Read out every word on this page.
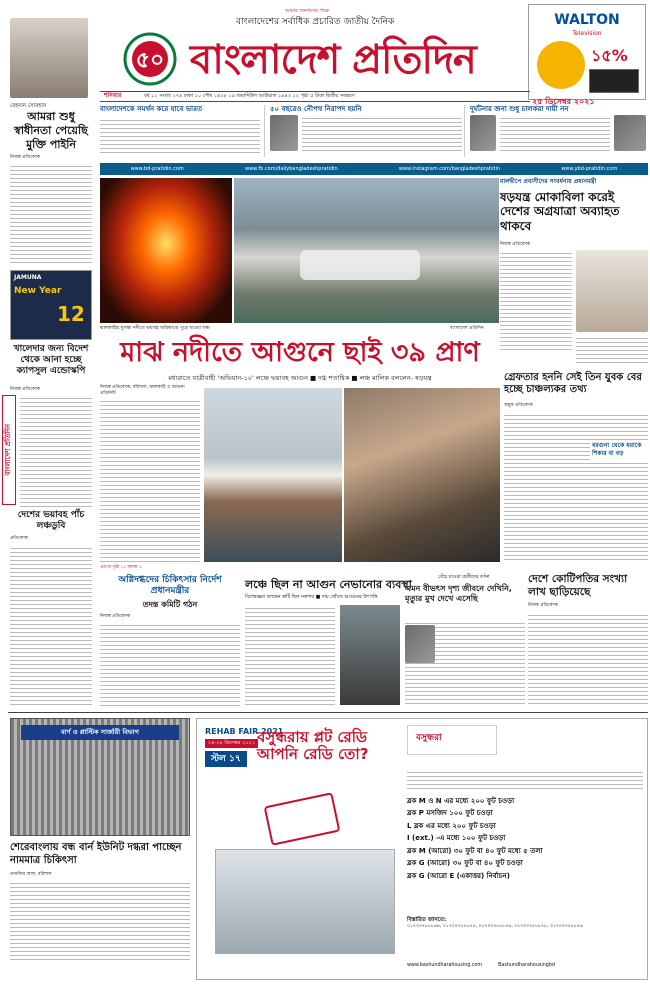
৫০
আমার জনগণের পক্ষে
বাংলাদেশের সর্বাধিক প্রচারিত জাতীয় দৈনিক
বাংলাদেশ প্রতিদিন
WALTON
Television
১৫%
শনিবার	বর্ষ ১২ সংখ্যা ২৭৪ ঢাকা ১০ পৌষ ১৪২৮ ১৯ জমাদিউল আউয়াল ১৪৪৩ ১২ পৃষ্ঠা ৫ টাকা দ্বিতীয় সংস্করণ
২৫ ডিসেম্বর ২০২১
রেহমান সোবহান
আমরা শুধু স্বাধীনতা পেয়েছি মুক্তি পাইনি
নিজস্ব প্রতিবেদক
বাংলাদেশকে সমর্থন করে যাবে ভারত	৫০ বছরেও নৌপথ নিরাপদ হয়নি	দুর্ঘটনার জন্য শুধু চালকরা দায়ী নন
www.bd-pratidin.com	www.fb.com/dailybangladeshpratidin	www.instagram.com/bangladeshpratidin	www.ybd-pratidin.com
ঝালকাঠির সুগন্ধা নদীতে ভয়াবহ অগ্নিকাণ্ডে পুড়ে যাওয়া লঞ্চ	বাংলাদেশ প্রতিদিন
মালদ্বীপে প্রবাসীদের সংবর্ধনায় প্রধানমন্ত্রী
ষড়যন্ত্র মোকাবিলা করেই দেশের অগ্রযাত্রা অব্যাহত থাকবে
নিজস্ব প্রতিবেদক
JAMUNA
New Year
12
খালেদার জন্য বিদেশ থেকে আনা হচ্ছে ক্যাপসুল এন্ডোস্কপি
নিজস্ব প্রতিবেদক
বাংলাদেশ প্রতিদিন
মাঝ নদীতে আগুনে ছাই ৩৯ প্রাণ
মধ্যরাতে যাত্রীবাহী 'অভিযান-১০' লঞ্চে ভয়াবহ আগুন ■ দগ্ধ শতাধিক ■ লঞ্চ মালিক বললেন- ষড়যন্ত্র
নিজস্ব প্রতিবেদক, বরিশাল, ঝালকাঠি ও বরগুনা প্রতিনিধি
এরপর পৃষ্ঠা ১১ কলাম ১
গ্রেফতার হননি সেই তিন যুবক বের হচ্ছে চাঞ্চল্যকর তথ্য
অমুক প্রতিবেদক
বরগুনা থেকে ধরাকে শিকার বা বড়
দেশের ভয়াবহ পাঁচ লঞ্চডুবি
প্রতিবেদক
অগ্নিদগ্ধদের চিকিৎসার নির্দেশ প্রধানমন্ত্রীর
তদন্ত কমিটি গঠন
নিজস্ব প্রতিবেদক
লঞ্চে ছিল না আগুন নেভানোর ব্যবস্থা
বিশেষজ্ঞরা বলছেন ক্রটি ছিল নকশায় ■ দায় খোঁজে আগুনের উৎপত্তি
বেঁচে যাওয়া যাত্রীদের বর্ণনা
এমন বীভৎস দৃশ্য জীবনে দেখিনি, মৃত্যুর মুখ দেখে এসেছি
দেশে কোটিপতির সংখ্যা লাখ ছাড়িয়েছে
নিজস্ব প্রতিবেদক
বার্ণ ও প্লাস্টিক সার্জারী বিভাগ
শেরেবাংলায় বন্ধ বার্ন ইউনিট দগ্ধরা পাচ্ছেন নামমাত্র চিকিৎসা
তানজির আল, বরিশাল
REHAB FAIR 2021
২৪-২৮ ডিসেম্বর ২০২১
স্টল ১৭
বসুন্ধরায় প্লট রেডি আপনি রেডি তো?
বসুন্ধরা
ব্লক M ও N এর মধ্যে ২০০ ফুট চওড়া
ব্লক P মসজিদ ১০০ ফুট চওড়া
L ব্লক এর মধ্যে ২০০ ফুট চওড়া
I (ext.) -এ মধ্যে ১০০ ফুট চওড়া
ব্লক M (আরো) ৩০ ফুট বা ৪০ ফুট মধ্যে ৫ তলা
ব্লক G (আরো) ৩০ ফুট বা ৪০ ফুট চওড়া
ব্লক G (আরো E (একাত্তর) নির্বাচন)
বিস্তারিত জানতে:
০১৭০০৭৮৮৮৬৯, ০১৭০০৭৮৮৮৭৫, ০১৭০০৭৮৮৮৪৬, ০১৭০০৭৮৮৮৭৮, ০১৭০০৭৮৮৮৫৬
www.bashundharahousing.com	Bashundharahousingbd
